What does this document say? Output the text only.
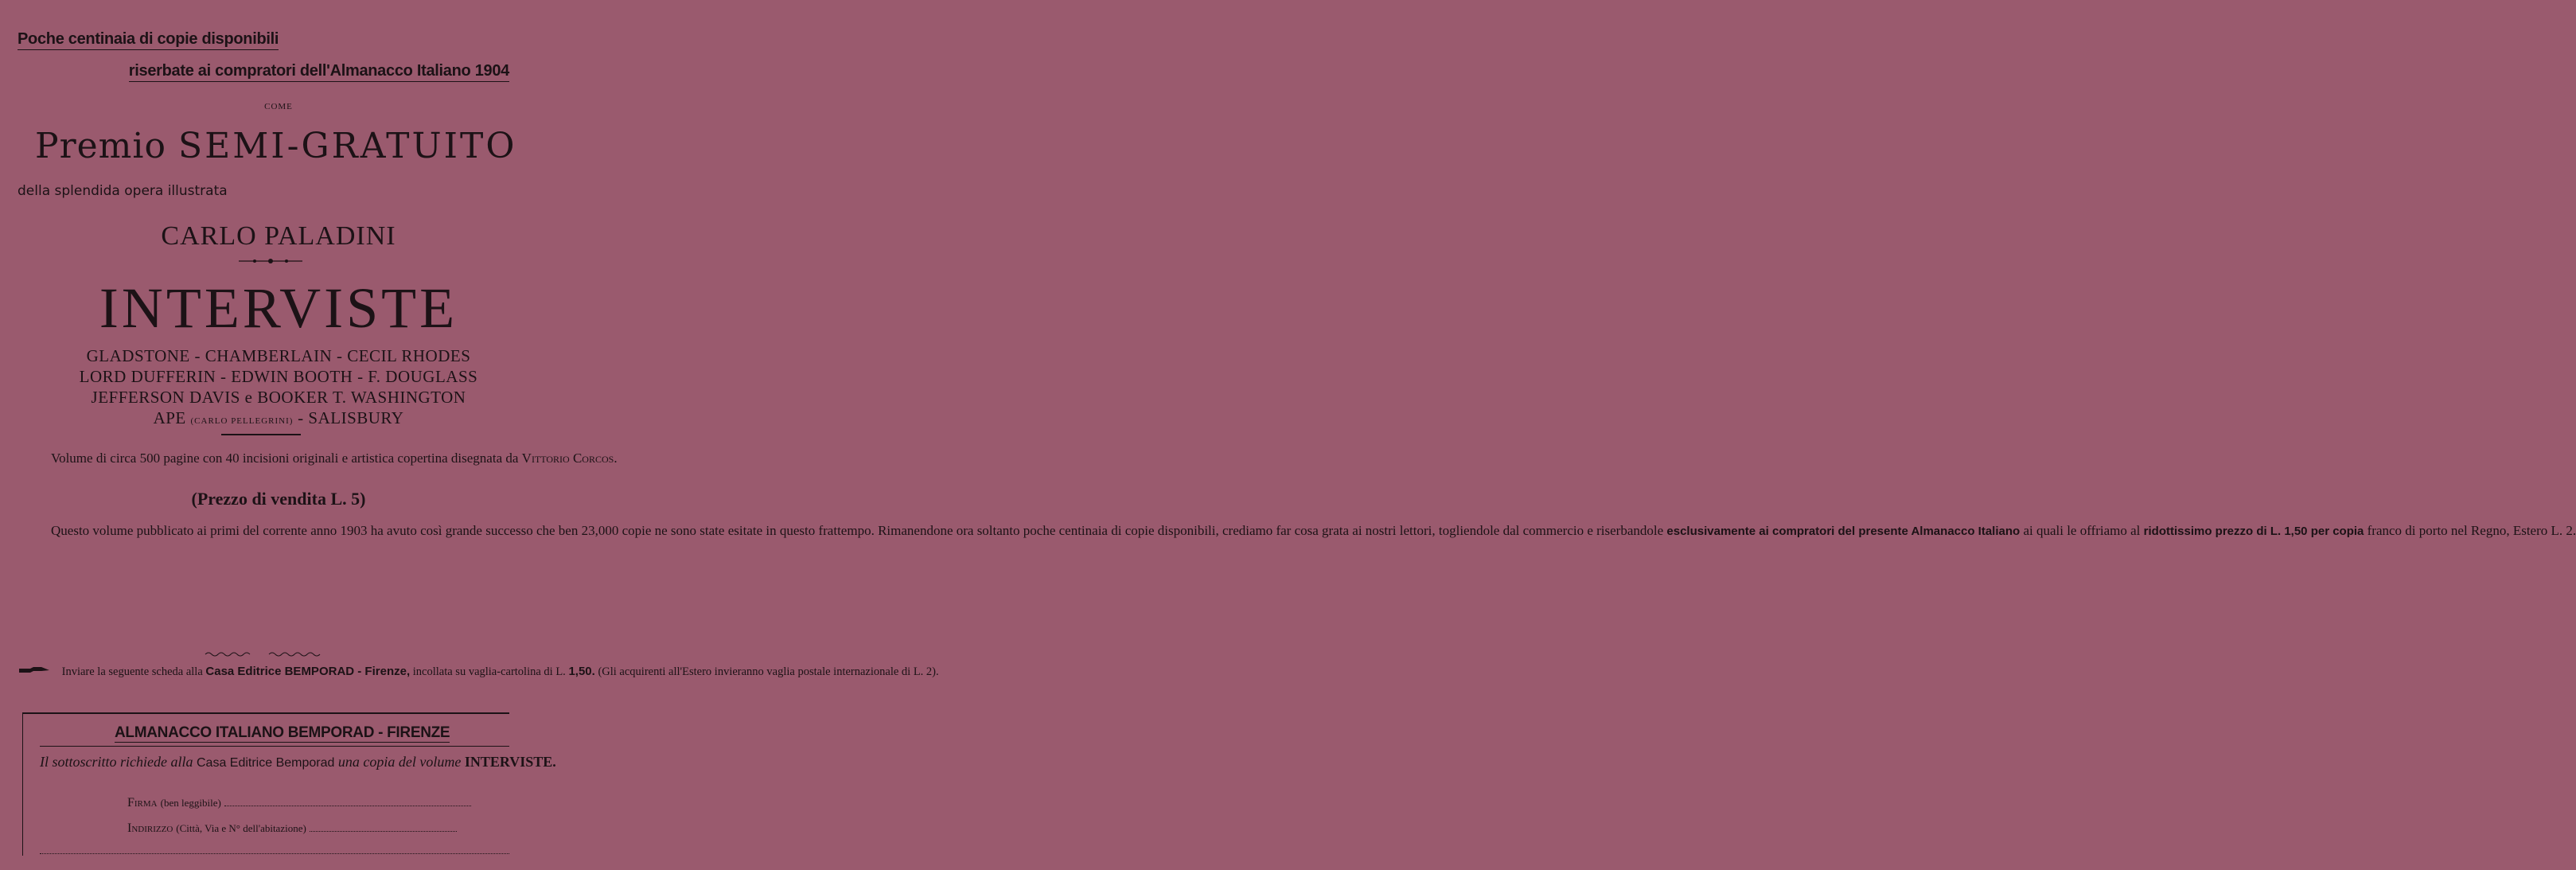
Poche centinaia di copie disponibili
riserbate ai compratori dell'Almanacco Italiano 1904
COME
Premio SEMI-GRATUITO
della splendida opera illustrata
CARLO PALADINI
INTERVISTE
GLADSTONE - CHAMBERLAIN - CECIL RHODES
LORD DUFFERIN - EDWIN BOOTH - F. DOUGLASS
JEFFERSON DAVIS e BOOKER T. WASHINGTON
APE (CARLO PELLEGRINI) - SALISBURY
Volume di circa 500 pagine con 40 incisioni originali e artistica copertina disegnata da Vittorio Corcos.
(Prezzo di vendita L. 5)
Questo volume pubblicato ai primi del corrente anno 1903 ha avuto così grande successo che ben 23,000 copie ne sono state esitate in questo frattempo. Rimanendone ora soltanto poche centinaia di copie disponibili, crediamo far cosa grata ai nostri lettori, togliendole dal commercio e riserbandole esclusivamente ai compratori del presente Almanacco Italiano ai quali le offriamo al ridottissimo prezzo di L. 1,50 per copia franco di porto nel Regno, Estero L. 2.
Inviare la seguente scheda alla Casa Editrice BEMPORAD - Firenze, incollata su vaglia-cartolina di L. 1,50. (Gli acquirenti all'Estero invieranno vaglia postale internazionale di L. 2).
ALMANACCO ITALIANO BEMPORAD - FIRENZE
Il sottoscritto richiede alla Casa Editrice Bemporad una copia del volume INTERVISTE.
Firma (ben leggibile)
Indirizzo (Città, Via e N° dell'abitazione)
